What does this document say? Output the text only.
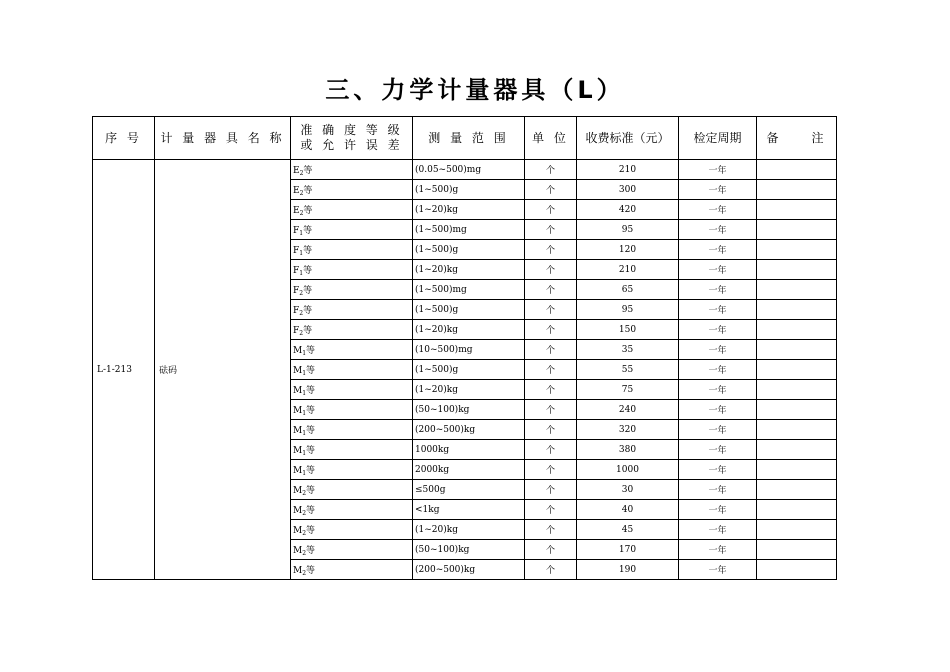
三、力学计量器具（L）
序 号	计 量 器 具 名 称	准 确 度 等 级
或 允 许 误 差	测 量 范 围	单 位	收费标准（元）	检定周期	备　　注
L-1-213	砝码	$E_2$等	(0.05~500)mg	个	210	一年	
		$E_2$等	(1~500)g	个	300	一年	
		$E_2$等	(1~20)kg	个	420	一年	
		$F_1$等	(1~500)mg	个	95	一年	
		$F_1$等	(1~500)g	个	120	一年	
		$F_1$等	(1~20)kg	个	210	一年	
		$F_2$等	(1~500)mg	个	65	一年	
		$F_2$等	(1~500)g	个	95	一年	
		$F_2$等	(1~20)kg	个	150	一年	
		$M_1$等	(10~500)mg	个	35	一年	
		$M_1$等	(1~500)g	个	55	一年	
		$M_1$等	(1~20)kg	个	75	一年	
		$M_1$等	(50~100)kg	个	240	一年	
		$M_1$等	(200~500)kg	个	320	一年	
		$M_1$等	1000kg	个	380	一年	
		$M_1$等	2000kg	个	1000	一年	
		$M_2$等	≤500g	个	30	一年	
		$M_2$等	<1kg	个	40	一年	
		$M_2$等	(1~20)kg	个	45	一年	
		$M_2$等	(50~100)kg	个	170	一年	
		$M_2$等	(200~500)kg	个	190	一年	
